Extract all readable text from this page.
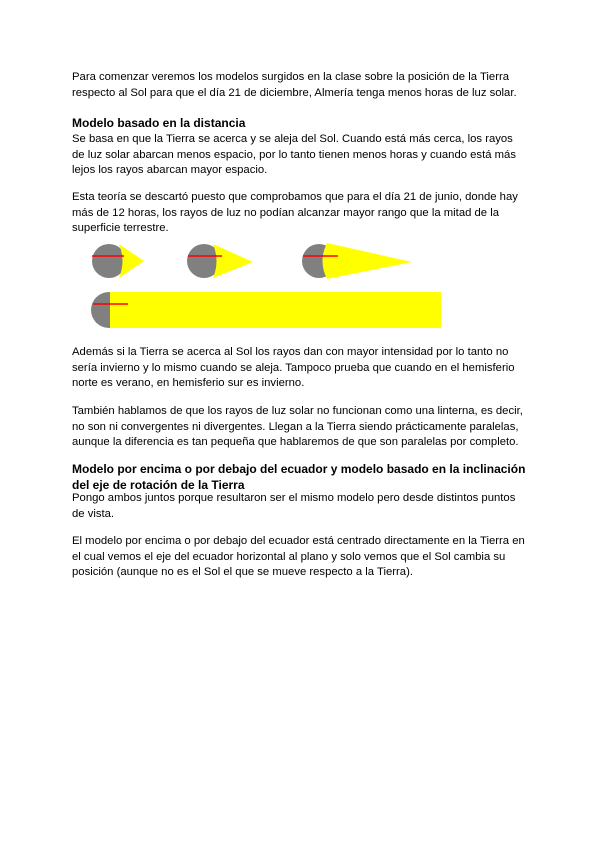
Para comenzar veremos los modelos surgidos en la clase sobre la posición de la Tierra respecto al Sol para que el día 21 de diciembre, Almería tenga menos horas de luz solar.

Modelo basado en la distancia

Se basa en que la Tierra se acerca y se aleja del Sol. Cuando está más cerca, los rayos de luz solar abarcan menos espacio, por lo tanto tienen menos horas y cuando está más lejos los rayos abarcan mayor espacio.

Esta teoría se descartó puesto que comprobamos que para el día 21 de junio, donde hay más de 12 horas, los rayos de luz no podían alcanzar mayor rango que la mitad de la superficie terrestre.

Además si la Tierra se acerca al Sol los rayos dan con mayor intensidad por lo tanto no sería invierno y lo mismo cuando se aleja. Tampoco prueba que cuando en el hemisferio norte es verano, en hemisferio sur es invierno.

También hablamos de que los rayos de luz solar no funcionan como una linterna, es decir, no son ni convergentes ni divergentes. Llegan a la Tierra siendo prácticamente paralelas, aunque la diferencia es tan pequeña que hablaremos de que son paralelas por completo.

Modelo por encima o por debajo del ecuador y modelo basado en la inclinación del eje de rotación de la Tierra

Pongo ambos juntos porque resultaron ser el mismo modelo pero desde distintos puntos de vista.

El modelo por encima o por debajo del ecuador está centrado directamente en la Tierra en el cual vemos el eje del ecuador horizontal al plano y solo vemos que el Sol cambia su posición (aunque no es el Sol el que se mueve respecto a la Tierra).
